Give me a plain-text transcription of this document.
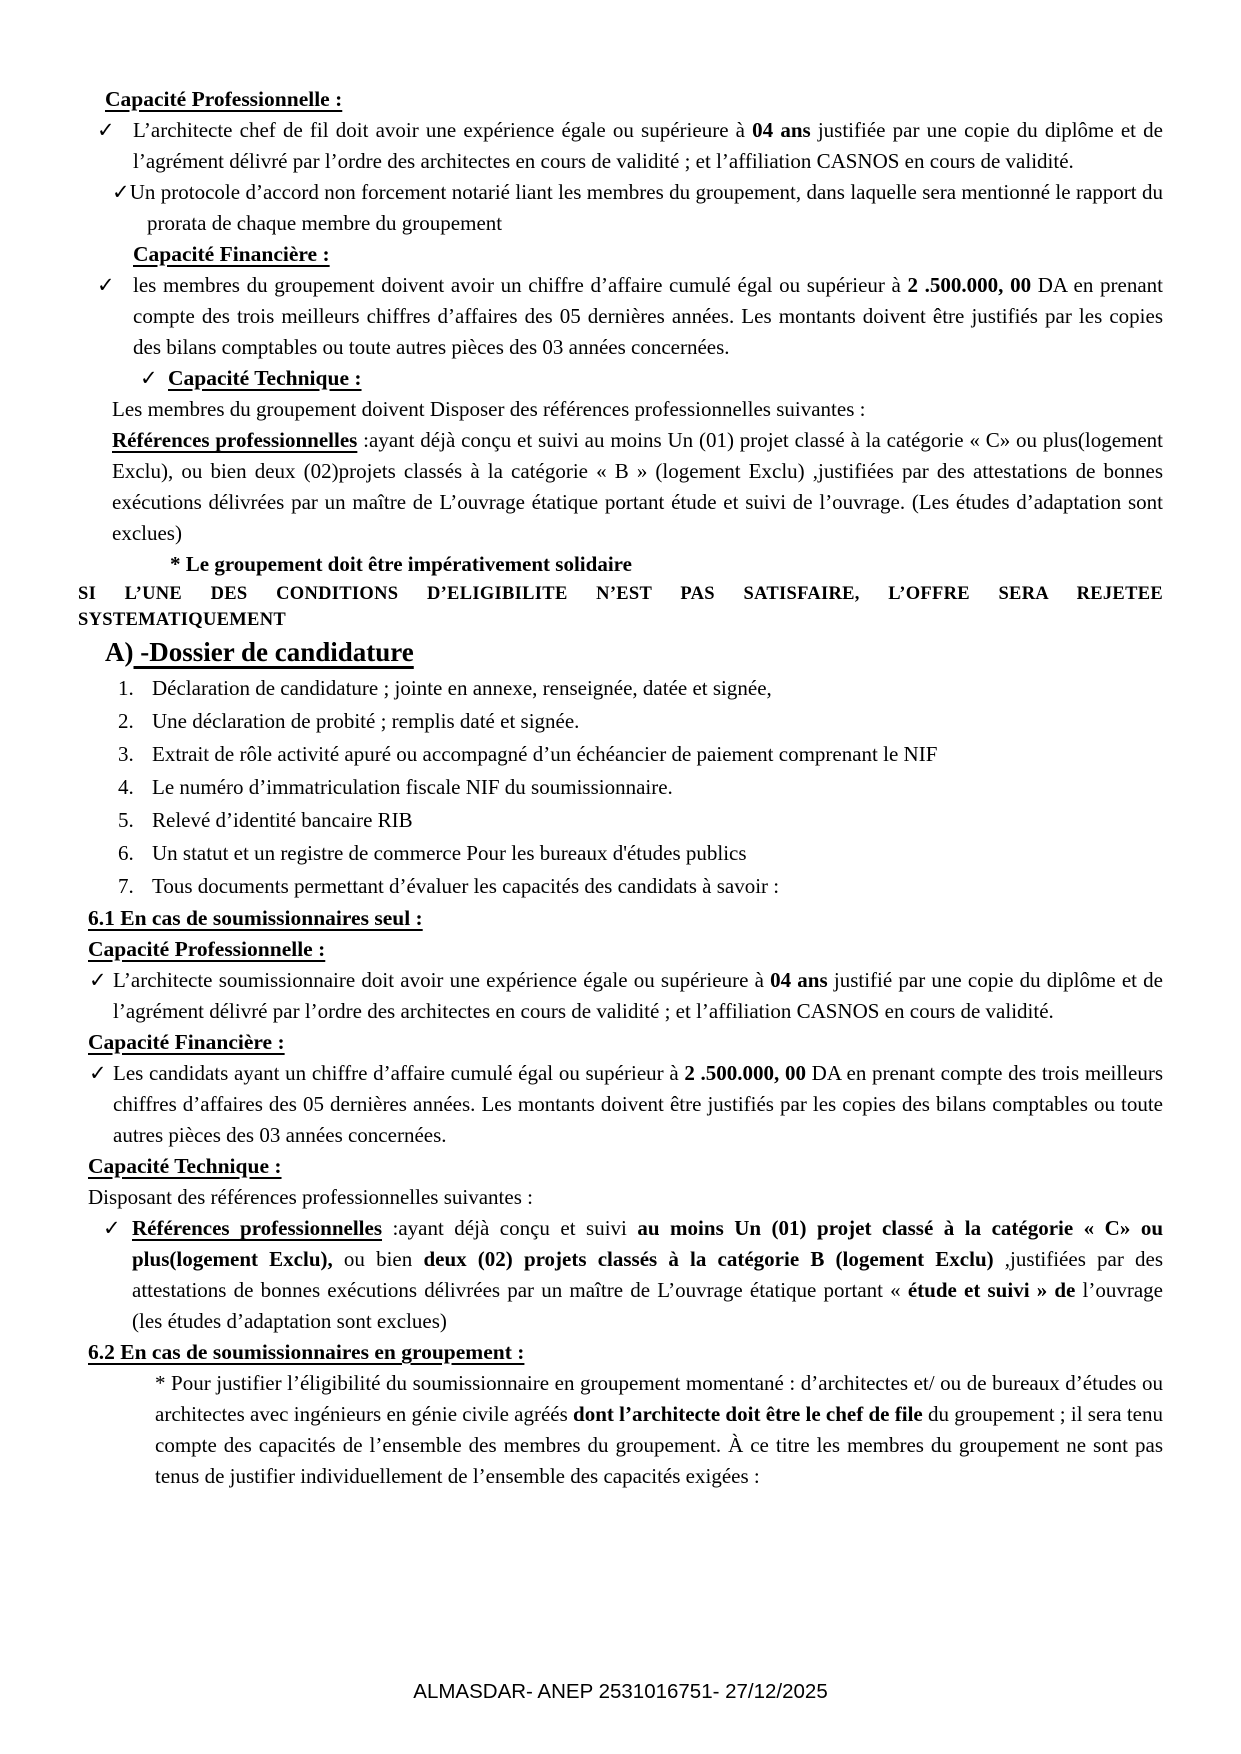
Capacité Professionnelle :
✓ L’architecte chef de fil doit avoir une expérience égale ou supérieure à 04 ans justifiée par une copie du diplôme et de l’agrément délivré par l’ordre des architectes en cours de validité ; et l’affiliation CASNOS en cours de validité.
✓Un protocole d’accord non forcement notarié liant les membres du groupement, dans laquelle sera mentionné le rapport du prorata de chaque membre du groupement
Capacité Financière :
✓ les membres du groupement doivent avoir un chiffre d’affaire cumulé égal ou supérieur à 2 .500.000, 00 DA en prenant compte des trois meilleurs chiffres d’affaires des 05 dernières années. Les montants doivent être justifiés par les copies des bilans comptables ou toute autres pièces des 03 années concernées.
✓ Capacité Technique :
Les membres du groupement doivent Disposer des références professionnelles suivantes :
Références professionnelles :ayant déjà conçu et suivi au moins Un (01) projet classé à la catégorie « C» ou plus(logement Exclu), ou bien deux (02)projets classés à la catégorie « B » (logement Exclu) ,justifiées par des attestations de bonnes exécutions délivrées par un maître de L’ouvrage étatique portant étude et suivi de l’ouvrage. (Les études d’adaptation sont exclues)
* Le groupement doit être impérativement solidaire
SI L’UNE DES CONDITIONS D’ELIGIBILITE N’EST PAS SATISFAIRE, L’OFFRE SERA REJETEE
SYSTEMATIQUEMENT
A) -Dossier de candidature
1. Déclaration de candidature ; jointe en annexe, renseignée, datée et signée,
2. Une déclaration de probité ; remplis daté et signée.
3. Extrait de rôle activité apuré ou accompagné d’un échéancier de paiement comprenant le NIF
4. Le numéro d’immatriculation fiscale NIF du soumissionnaire.
5. Relevé d’identité bancaire RIB
6. Un statut et un registre de commerce Pour les bureaux d'études publics
7. Tous documents permettant d’évaluer les capacités des candidats à savoir :
6.1 En cas de soumissionnaires seul :
Capacité Professionnelle :
✓ L’architecte soumissionnaire doit avoir une expérience égale ou supérieure à 04 ans justifié par une copie du diplôme et de l’agrément délivré par l’ordre des architectes en cours de validité ; et l’affiliation CASNOS en cours de validité.
Capacité Financière :
✓ Les candidats ayant un chiffre d’affaire cumulé égal ou supérieur à 2 .500.000, 00 DA en prenant compte des trois meilleurs chiffres d’affaires des 05 dernières années. Les montants doivent être justifiés par les copies des bilans comptables ou toute autres pièces des 03 années concernées.
Capacité Technique :
Disposant des références professionnelles suivantes :
✓ Références professionnelles :ayant déjà conçu et suivi au moins Un (01) projet classé à la catégorie « C» ou plus(logement Exclu), ou bien deux (02) projets classés à la catégorie B (logement Exclu) ,justifiées par des attestations de bonnes exécutions délivrées par un maître de L’ouvrage étatique portant « étude et suivi » de l’ouvrage (les études d’adaptation sont exclues)
6.2 En cas de soumissionnaires en groupement :
* Pour justifier l’éligibilité du soumissionnaire en groupement momentané : d’architectes et/ ou de bureaux d’études ou architectes avec ingénieurs en génie civile agréés dont l’architecte doit être le chef de file du groupement ; il sera tenu compte des capacités de l’ensemble des membres du groupement. À ce titre les membres du groupement ne sont pas tenus de justifier individuellement de l’ensemble des capacités exigées :
ALMASDAR- ANEP 2531016751- 27/12/2025
